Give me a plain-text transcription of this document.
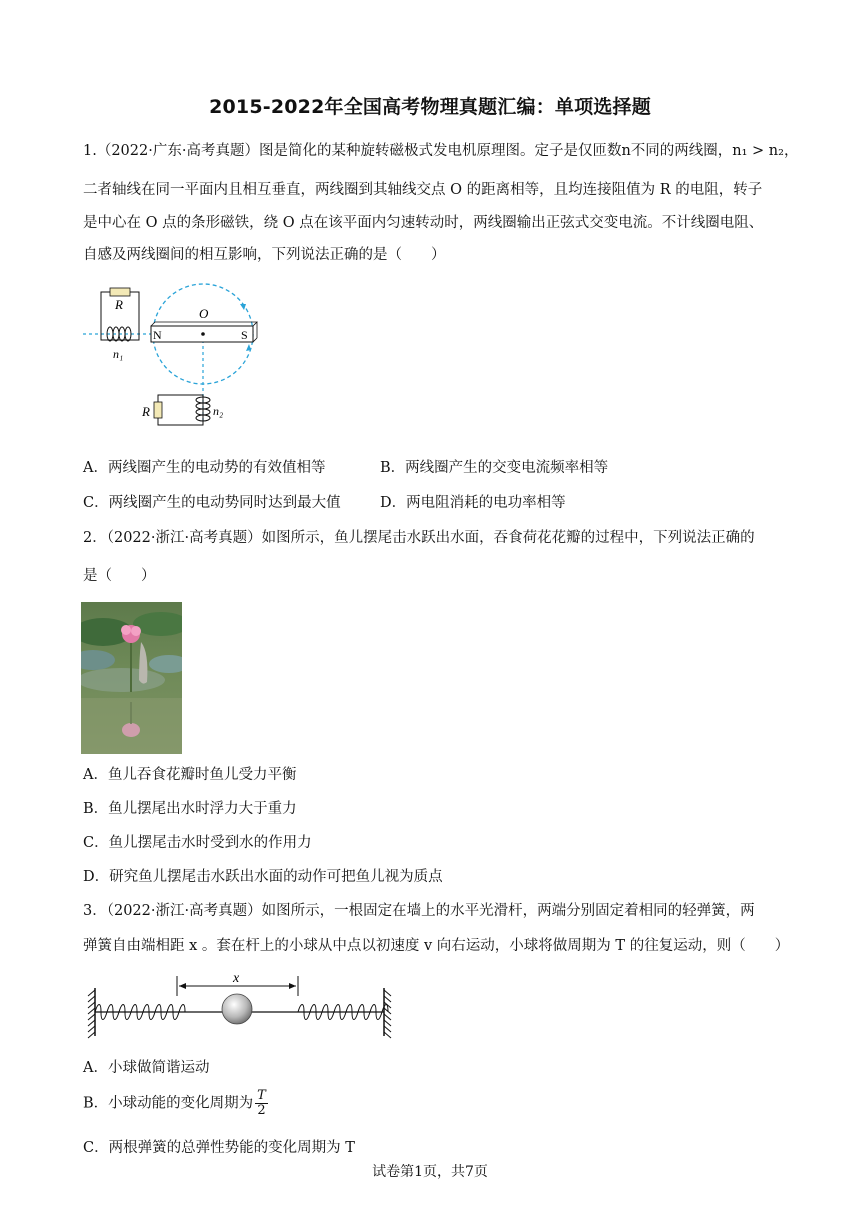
2015-2022年全国高考物理真题汇编：单项选择题
1.（2022·广东·高考真题）图是简化的某种旋转磁极式发电机原理图。定子是仅匝数n不同的两线圈，n₁ > n₂，
二者轴线在同一平面内且相互垂直，两线圈到其轴线交点 O 的距离相等，且均连接阻值为 R 的电阻，转子
是中心在 O 点的条形磁铁，绕 O 点在该平面内匀速转动时，两线圈输出正弦式交变电流。不计线圈电阻、
自感及两线圈间的相互影响，下列说法正确的是（　　）
R
n₁
N	S
O
R	n₂
A．两线圈产生的电动势的有效值相等	B．两线圈产生的交变电流频率相等
C．两线圈产生的电动势同时达到最大值	D．两电阻消耗的电功率相等
2．（2022·浙江·高考真题）如图所示，鱼儿摆尾击水跃出水面，吞食荷花花瓣的过程中，下列说法正确的
是（　　）
A．鱼儿吞食花瓣时鱼儿受力平衡
B．鱼儿摆尾出水时浮力大于重力
C．鱼儿摆尾击水时受到水的作用力
D．研究鱼儿摆尾击水跃出水面的动作可把鱼儿视为质点
3．（2022·浙江·高考真题）如图所示，一根固定在墙上的水平光滑杆，两端分别固定着相同的轻弹簧，两
弹簧自由端相距 x 。套在杆上的小球从中点以初速度 v 向右运动，小球将做周期为 T 的往复运动，则（　　）
x
A．小球做简谐运动
B．小球动能的变化周期为 $\frac{T}{2}$
C．两根弹簧的总弹性势能的变化周期为 T
试卷第1页，共7页
